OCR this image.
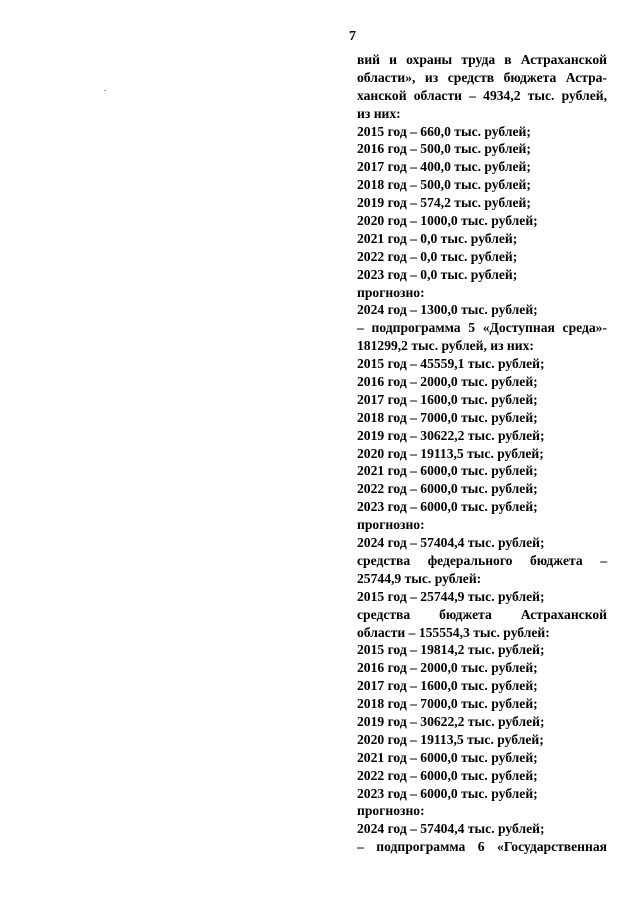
7
вий и охраны труда в Астраханской
области», из средств бюджета Астра-
ханской области – 4934,2 тыс. рублей,
из них:
2015 год – 660,0 тыс. рублей;
2016 год – 500,0 тыс. рублей;
2017 год – 400,0 тыс. рублей;
2018 год – 500,0 тыс. рублей;
2019 год – 574,2 тыс. рублей;
2020 год – 1000,0 тыс. рублей;
2021 год – 0,0 тыс. рублей;
2022 год – 0,0 тыс. рублей;
2023 год – 0,0 тыс. рублей;
прогнозно:
2024 год – 1300,0 тыс. рублей;
– подпрограмма 5 «Доступная среда»-
181299,2 тыс. рублей, из них:
2015 год – 45559,1 тыс. рублей;
2016 год – 2000,0 тыс. рублей;
2017 год – 1600,0 тыс. рублей;
2018 год – 7000,0 тыс. рублей;
2019 год – 30622,2 тыс. рублей;
2020 год – 19113,5 тыс. рублей;
2021 год – 6000,0 тыс. рублей;
2022 год – 6000,0 тыс. рублей;
2023 год – 6000,0 тыс. рублей;
прогнозно:
2024 год – 57404,4 тыс. рублей;
средства федерального бюджета –
25744,9 тыс. рублей:
2015 год – 25744,9 тыс. рублей;
средства бюджета Астраханской
области – 155554,3 тыс. рублей:
2015 год – 19814,2 тыс. рублей;
2016 год – 2000,0 тыс. рублей;
2017 год – 1600,0 тыс. рублей;
2018 год – 7000,0 тыс. рублей;
2019 год – 30622,2 тыс. рублей;
2020 год – 19113,5 тыс. рублей;
2021 год – 6000,0 тыс. рублей;
2022 год – 6000,0 тыс. рублей;
2023 год – 6000,0 тыс. рублей;
прогнозно:
2024 год – 57404,4 тыс. рублей;
– подпрограмма 6 «Государственная
